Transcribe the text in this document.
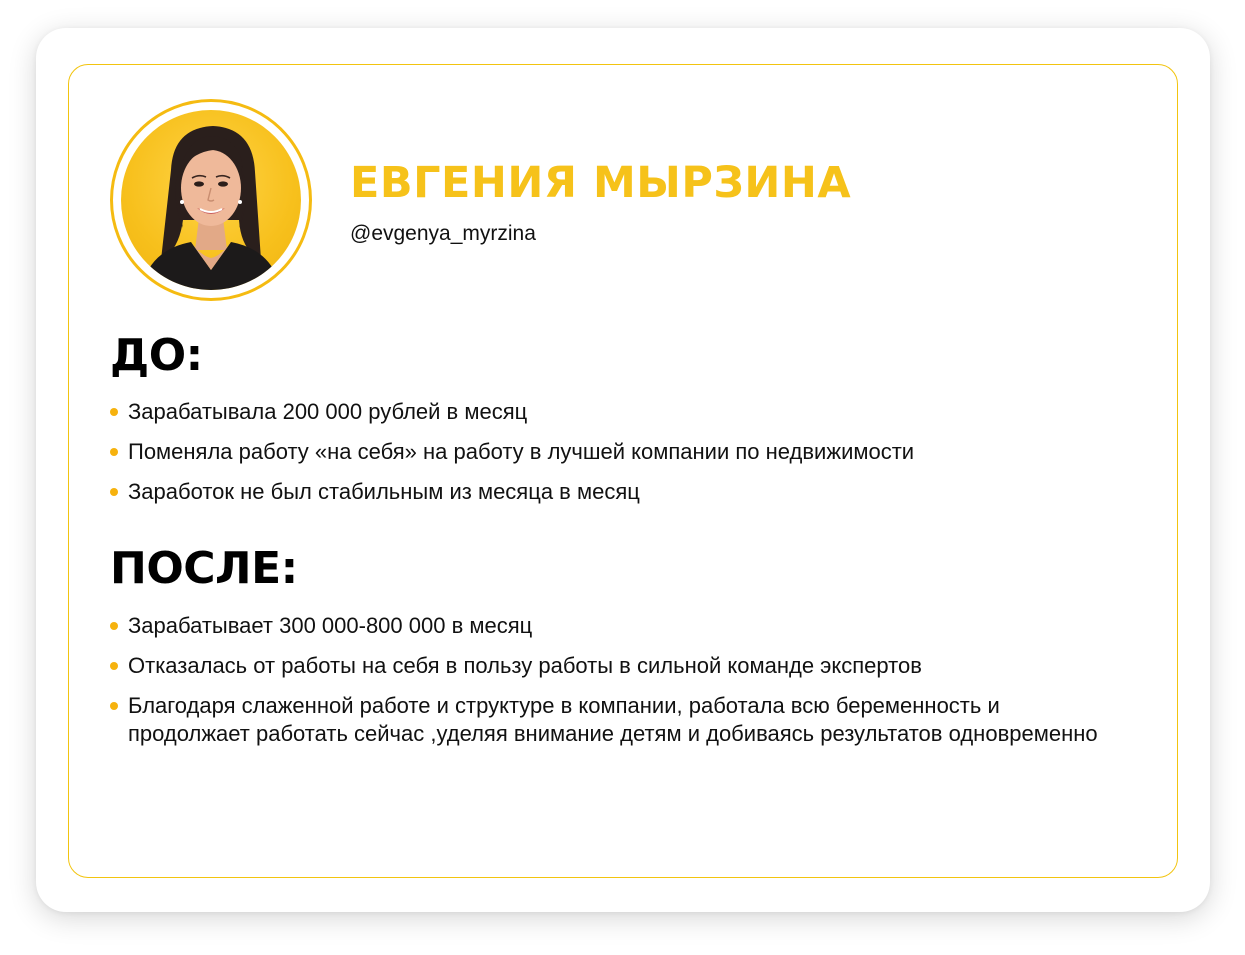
ЕВГЕНИЯ МЫРЗИНА
@evgenya_myrzina
ДО:
Зарабатывала 200 000 рублей в месяц
Поменяла работу «на себя» на работу в лучшей компании по недвижимости
Заработок не был стабильным из месяца в месяц
ПОСЛЕ:
Зарабатывает 300 000-800 000 в месяц
Отказалась от работы на себя в пользу работы в сильной команде экспертов
Благодаря слаженной работе и структуре в компании, работала всю беременность и продолжает работать сейчас ,уделяя внимание детям и добиваясь результатов одновременно
